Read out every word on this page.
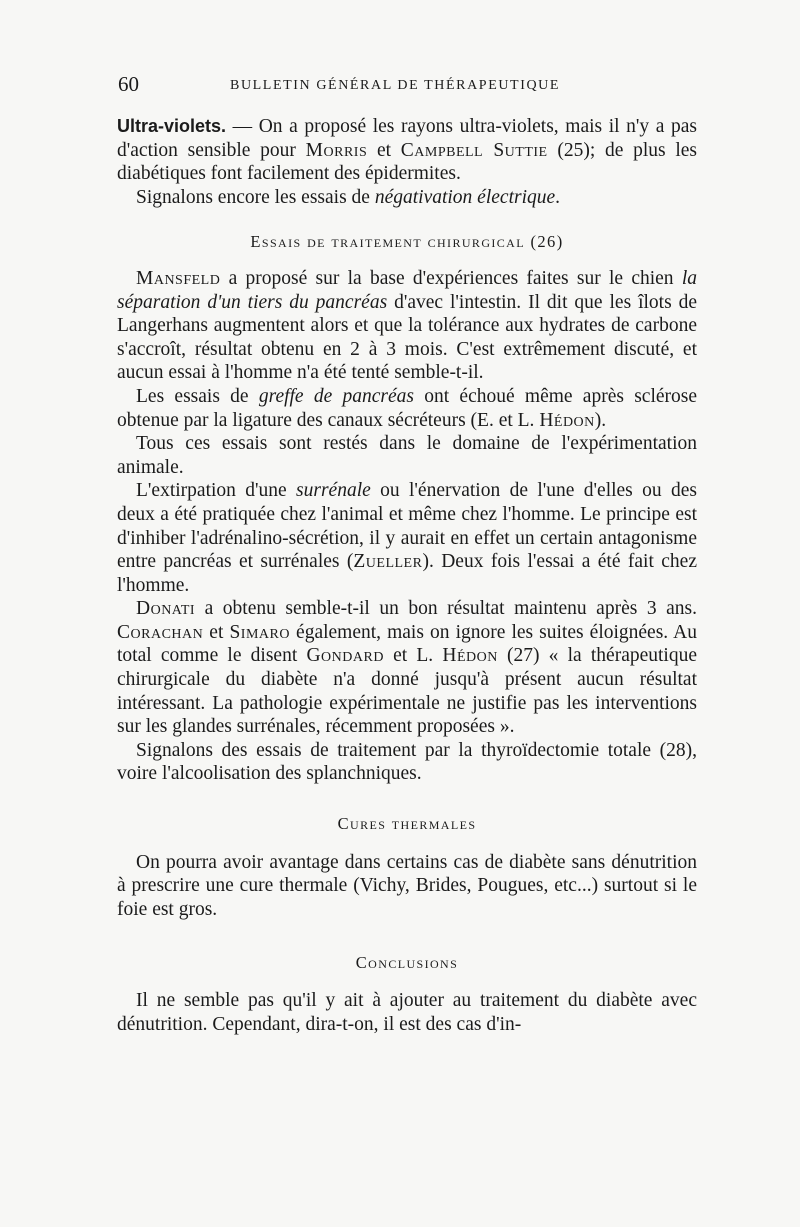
60	BULLETIN GÉNÉRAL DE THÉRAPEUTIQUE

Ultra-violets. — On a proposé les rayons ultra-violets, mais il n'y a pas d'action sensible pour Morris et Campbell Suttie (25); de plus les diabétiques font facilement des épidermites.

Signalons encore les essais de négativation électrique.

Essais de traitement chirurgical (26)

Mansfeld a proposé sur la base d'expériences faites sur le chien la séparation d'un tiers du pancréas d'avec l'intestin. Il dit que les îlots de Langerhans augmentent alors et que la tolérance aux hydrates de carbone s'accroît, résultat obtenu en 2 à 3 mois. C'est extrêmement discuté, et aucun essai à l'homme n'a été tenté semble-t-il.

Les essais de greffe de pancréas ont échoué même après sclérose obtenue par la ligature des canaux sécréteurs (E. et L. Hédon).

Tous ces essais sont restés dans le domaine de l'expérimentation animale.

L'extirpation d'une surrénale ou l'énervation de l'une d'elles ou des deux a été pratiquée chez l'animal et même chez l'homme. Le principe est d'inhiber l'adrénalino-sécrétion, il y aurait en effet un certain antagonisme entre pancréas et surrénales (Zueller). Deux fois l'essai a été fait chez l'homme.

Donati a obtenu semble-t-il un bon résultat maintenu après 3 ans. Corachan et Simaro également, mais on ignore les suites éloignées. Au total comme le disent Gondard et L. Hédon (27) « la thérapeutique chirurgicale du diabète n'a donné jusqu'à présent aucun résultat intéressant. La pathologie expérimentale ne justifie pas les interventions sur les glandes surrénales, récemment proposées ».

Signalons des essais de traitement par la thyroïdectomie totale (28), voire l'alcoolisation des splanchniques.

Cures thermales

On pourra avoir avantage dans certains cas de diabète sans dénutrition à prescrire une cure thermale (Vichy, Brides, Pougues, etc...) surtout si le foie est gros.

Conclusions

Il ne semble pas qu'il y ait à ajouter au traitement du diabète avec dénutrition. Cependant, dira-t-on, il est des cas d'in-
